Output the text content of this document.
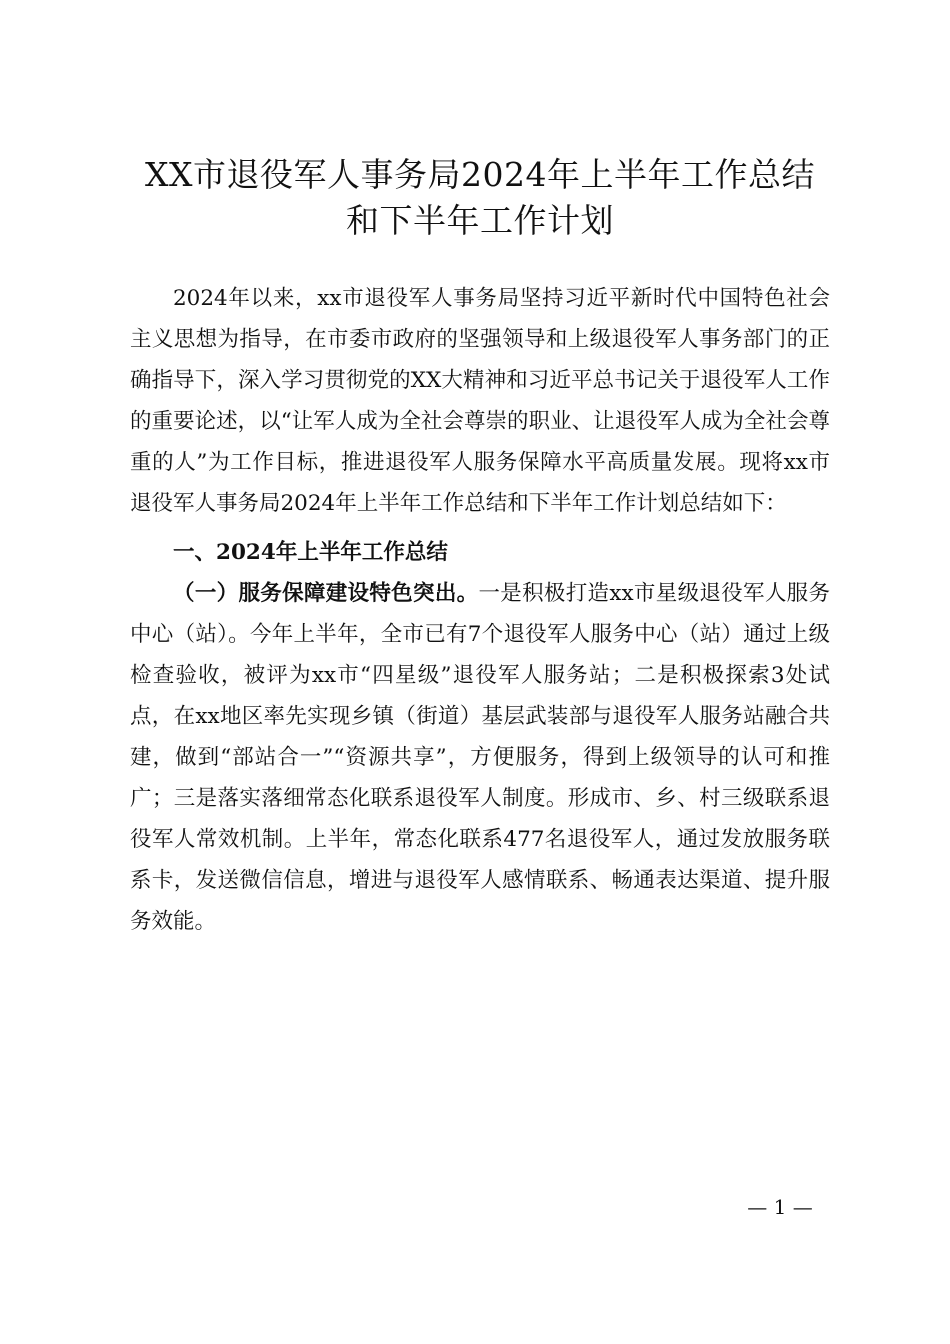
XX市退役军人事务局2024年上半年工作总结
和下半年工作计划

2024年以来，xx市退役军人事务局坚持习近平新时代中国特色社会主义思想为指导，在市委市政府的坚强领导和上级退役军人事务部门的正确指导下，深入学习贯彻党的XX大精神和习近平总书记关于退役军人工作的重要论述，以“让军人成为全社会尊崇的职业、让退役军人成为全社会尊重的人”为工作目标，推进退役军人服务保障水平高质量发展。现将xx市退役军人事务局2024年上半年工作总结和下半年工作计划总结如下：

一、2024年上半年工作总结

（一）服务保障建设特色突出。一是积极打造xx市星级退役军人服务中心（站）。今年上半年，全市已有7个退役军人服务中心（站）通过上级检查验收，被评为xx市“四星级”退役军人服务站；二是积极探索3处试点，在xx地区率先实现乡镇（街道）基层武装部与退役军人服务站融合共建，做到“部站合一”“资源共享”，方便服务，得到上级领导的认可和推广；三是落实落细常态化联系退役军人制度。形成市、乡、村三级联系退役军人常效机制。上半年，常态化联系477名退役军人，通过发放服务联系卡，发送微信信息，增进与退役军人感情联系、畅通表达渠道、提升服务效能。

— 1 —
